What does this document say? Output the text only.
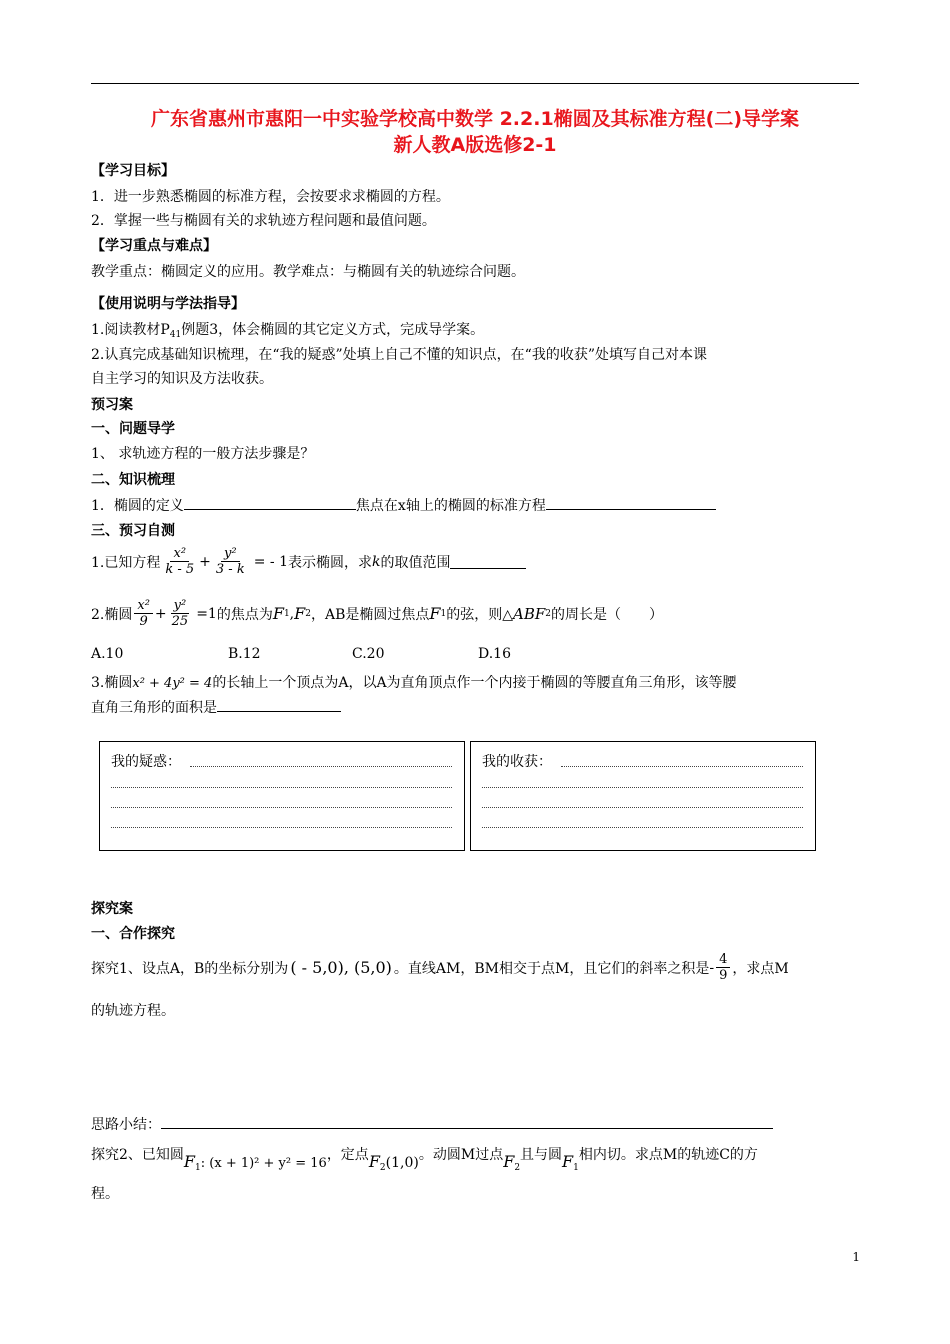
广东省惠州市惠阳一中实验学校高中数学 2.2.1椭圆及其标准方程(二)导学案
新人教A版选修2-1
【学习目标】
1．进一步熟悉椭圆的标准方程，会按要求求椭圆的方程。
2．掌握一些与椭圆有关的求轨迹方程问题和最值问题。
【学习重点与难点】
教学重点：椭圆定义的应用。教学难点：与椭圆有关的轨迹综合问题。
【使用说明与学法指导】
1.阅读教材$P_{41}$例题3，体会椭圆的其它定义方式，完成导学案。
2.认真完成基础知识梳理，在“我的疑惑”处填上自己不懂的知识点，在“我的收获”处填写自己对本课
自主学习的知识及方法收获。
预习案
一、问题导学
1、 求轨迹方程的一般方法步骤是？
二、知识梳理
1．椭圆的定义	焦点在x轴上的椭圆的标准方程
三、预习自测
1.已知方程 $\frac{\text{x²}}{k - 5} + \frac{\text{y²}}{3 - k}$ = - 1 表示椭圆，求 k 的取值范围
2.椭圆 $\frac{\text{x²}}{9} + \frac{\text{y²}}{25} =1$ 的焦点为 F 1 , F 2 ，AB是椭圆过焦点 F 1 的弦，则△ ABF 2 的周长是（　　）
A.10	B.12	C.20	D.16
3.椭圆x² + 4y² = 4的长轴上一个顶点为A，以A为直角顶点作一个内接于椭圆的等腰直角三角形，该等腰
直角三角形的面积是
我的疑惑：	我的收获：
探究案
一、合作探究
探究1、设点A，B的坐标分别为 ( - 5,0), (5,0) 。直线AM，BM相交于点M，且它们的斜率之积是 - $\frac{4}{9}$ ，求点M
的轨迹方程。
思路小结：
探究2、已知圆 $F_1$: (x + 1)² + y² = 16
，定点 $F_2(1,0)$
。动圆M过点 $F_2$
且与圆 $F_1$
相内切。求点M的轨迹C的方
程。
1
